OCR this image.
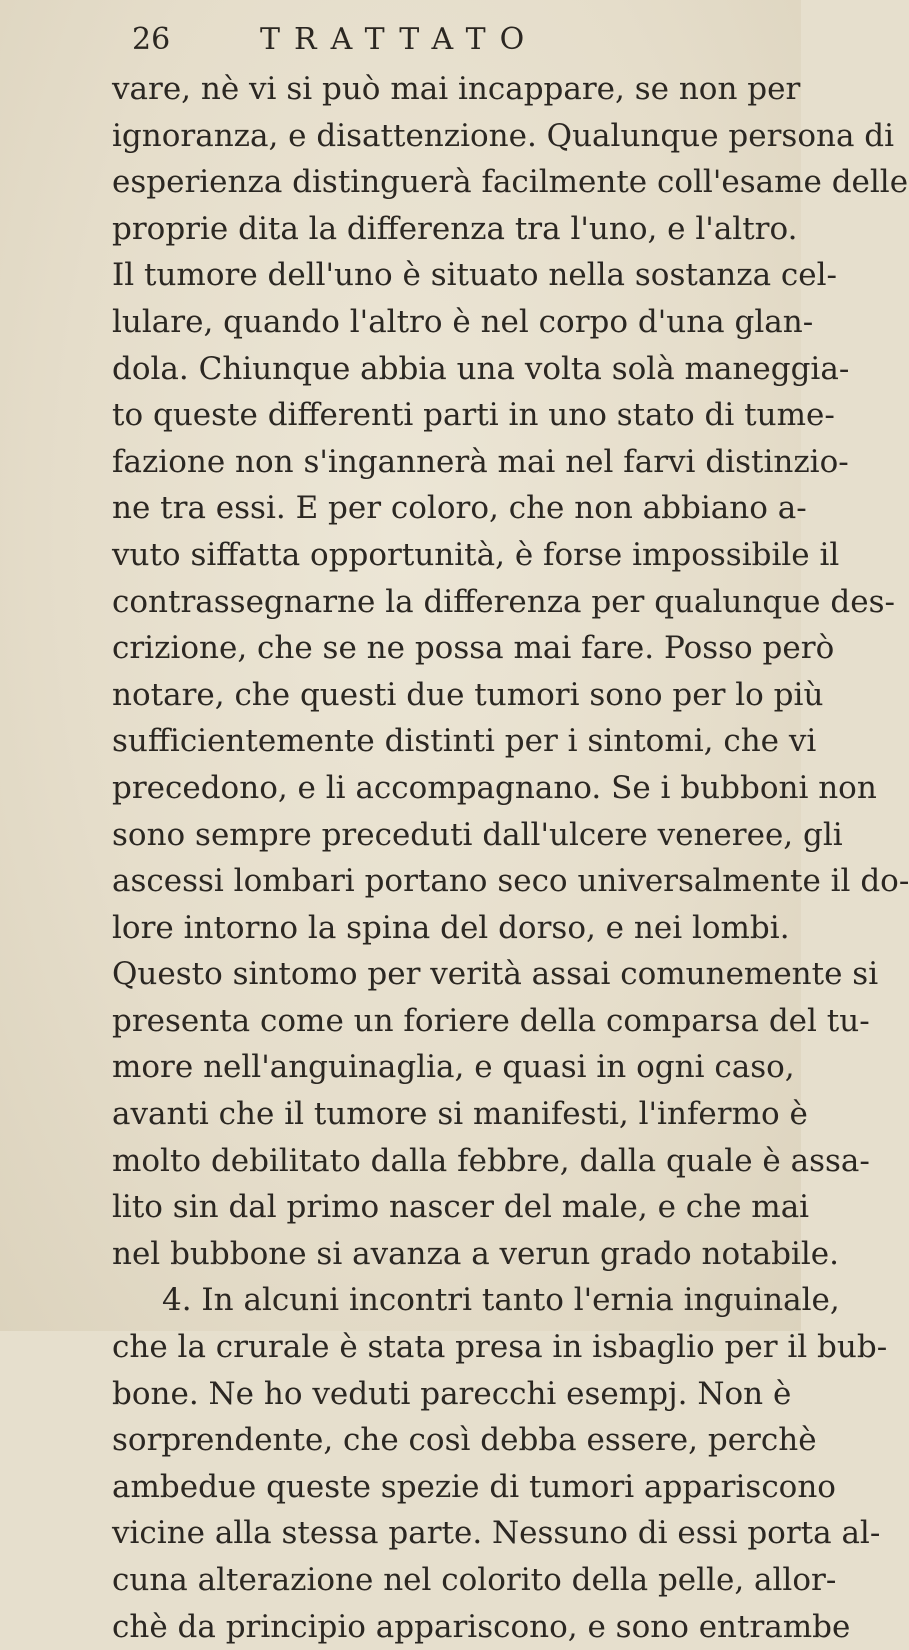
26	TRATTATO
vare, nè vi si può mai incappare, se non per
ignoranza, e disattenzione. Qualunque persona di
esperienza distinguerà facilmente coll'esame delle
proprie dita la differenza tra l'uno, e l'altro.
Il tumore dell'uno è situato nella sostanza cel-
lulare, quando l'altro è nel corpo d'una glan-
dola. Chiunque abbia una volta solà maneggia-
to queste differenti parti in uno stato di tume-
fazione non s'ingannerà mai nel farvi distinzio-
ne tra essi. E per coloro, che non abbiano a-
vuto siffatta opportunità, è forse impossibile il
contrassegnarne la differenza per qualunque des-
crizione, che se ne possa mai fare. Posso però
notare, che questi due tumori sono per lo più
sufficientemente distinti per i sintomi, che vi
precedono, e li accompagnano. Se i bubboni non
sono sempre preceduti dall'ulcere veneree, gli
ascessi lombari portano seco universalmente il do-
lore intorno la spina del dorso, e nei lombi.
Questo sintomo per verità assai comunemente si
presenta come un foriere della comparsa del tu-
more nell'anguinaglia, e quasi in ogni caso,
avanti che il tumore si manifesti, l'infermo è
molto debilitato dalla febbre, dalla quale è assa-
lito sin dal primo nascer del male, e che mai
nel bubbone si avanza a verun grado notabile.
4. In alcuni incontri tanto l'ernia inguinale,
che la crurale è stata presa in isbaglio per il bub-
bone. Ne ho veduti parecchi esempj. Non è
sorprendente, che così debba essere, perchè
ambedue queste spezie di tumori appariscono
vicine alla stessa parte. Nessuno di essi porta al-
cuna alterazione nel colorito della pelle, allor-
chè da principio appariscono, e sono entrambe
